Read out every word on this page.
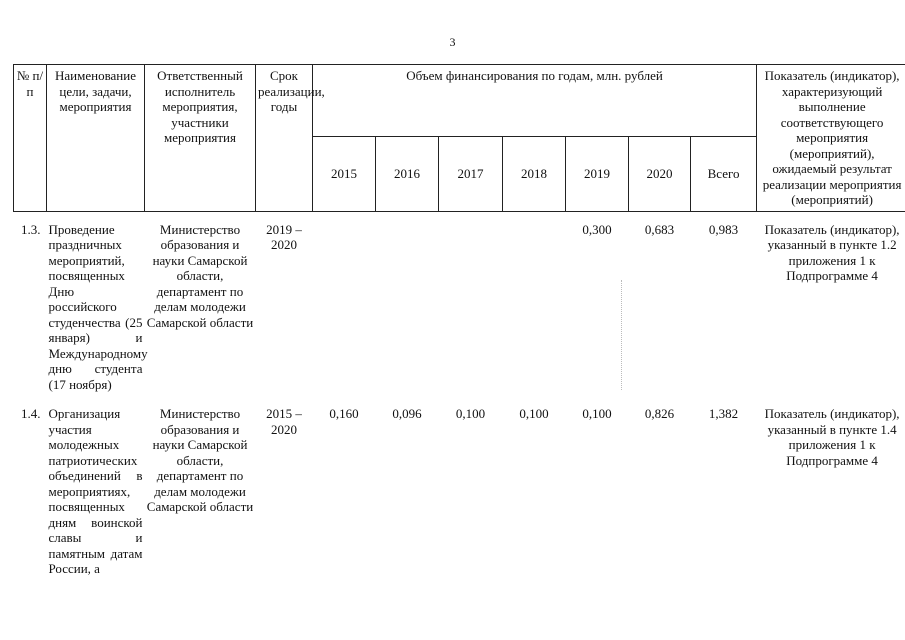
3
№ п/п	Наименование цели, задачи, мероприятия	Ответственный исполнитель мероприятия, участники мероприятия	Срок реализации, годы	Объем финансирования по годам, млн. рублей							Показатель (индикатор), характеризующий выполнение соответствующего мероприятия (мероприятий), ожидаемый результат реализации мероприятия (мероприятий)
				2015	2016	2017	2018	2019	2020	Всего	
1.3.	Проведение праздничных мероприятий, посвященных Дню российского студенчества (25 января) и Международному дню студента (17 ноября)	Министерство образования и науки Самарской области, департамент по делам молодежи Самарской области	2019 – 2020					0,300	0,683	0,983	Показатель (индикатор), указанный в пункте 1.2 приложения 1 к Подпрограмме 4
1.4.	Организация участия молодежных патриотических объединений в мероприятиях, посвященных дням воинской славы и памятным датам России, а	Министерство образования и науки Самарской области, департамент по делам молодежи Самарской области	2015 – 2020	0,160	0,096	0,100	0,100	0,100	0,826	1,382	Показатель (индикатор), указанный в пункте 1.4 приложения 1 к Подпрограмме 4
